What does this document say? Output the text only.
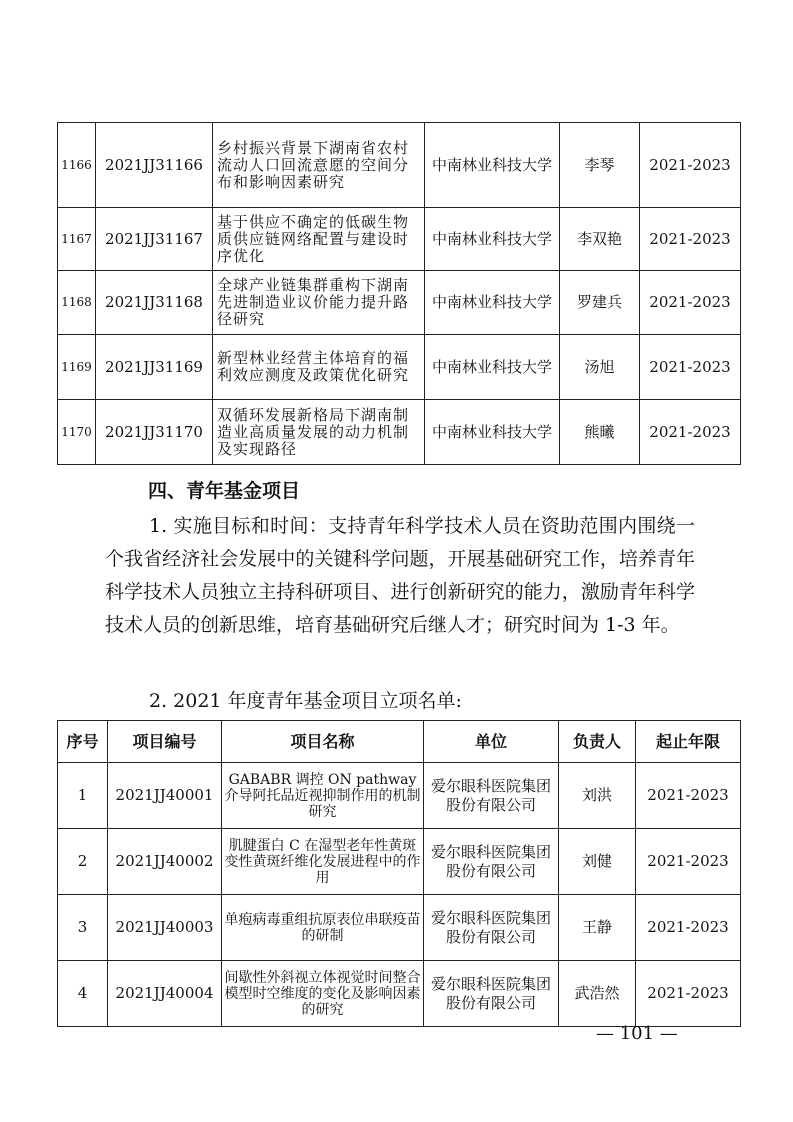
1166	2021JJ31166	乡村振兴背景下湖南省农村流动人口回流意愿的空间分布和影响因素研究	中南林业科技大学	李琴	2021-2023
1167	2021JJ31167	基于供应不确定的低碳生物质供应链网络配置与建设时序优化	中南林业科技大学	李双艳	2021-2023
1168	2021JJ31168	全球产业链集群重构下湖南先进制造业议价能力提升路径研究	中南林业科技大学	罗建兵	2021-2023
1169	2021JJ31169	新型林业经营主体培育的福利效应测度及政策优化研究	中南林业科技大学	汤旭	2021-2023
1170	2021JJ31170	双循环发展新格局下湖南制造业高质量发展的动力机制及实现路径	中南林业科技大学	熊曦	2021-2023
四、青年基金项目
1. 实施目标和时间：支持青年科学技术人员在资助范围内围绕一个我省经济社会发展中的关键科学问题，开展基础研究工作，培养青年科学技术人员独立主持科研项目、进行创新研究的能力，激励青年科学技术人员的创新思维，培育基础研究后继人才；研究时间为 1-3 年。
2. 2021 年度青年基金项目立项名单:
序号	项目编号	项目名称	单位	负责人	起止年限
1	2021JJ40001	GABABR 调控 ON pathway 介导阿托品近视抑制作用的机制研究	爱尔眼科医院集团股份有限公司	刘洪	2021-2023
2	2021JJ40002	肌腱蛋白 C 在湿型老年性黄斑变性黄斑纤维化发展进程中的作用	爱尔眼科医院集团股份有限公司	刘健	2021-2023
3	2021JJ40003	单疱病毒重组抗原表位串联疫苗的研制	爱尔眼科医院集团股份有限公司	王静	2021-2023
4	2021JJ40004	间歇性外斜视立体视觉时间整合模型时空维度的变化及影响因素的研究	爱尔眼科医院集团股份有限公司	武浩然	2021-2023
— 101 —
